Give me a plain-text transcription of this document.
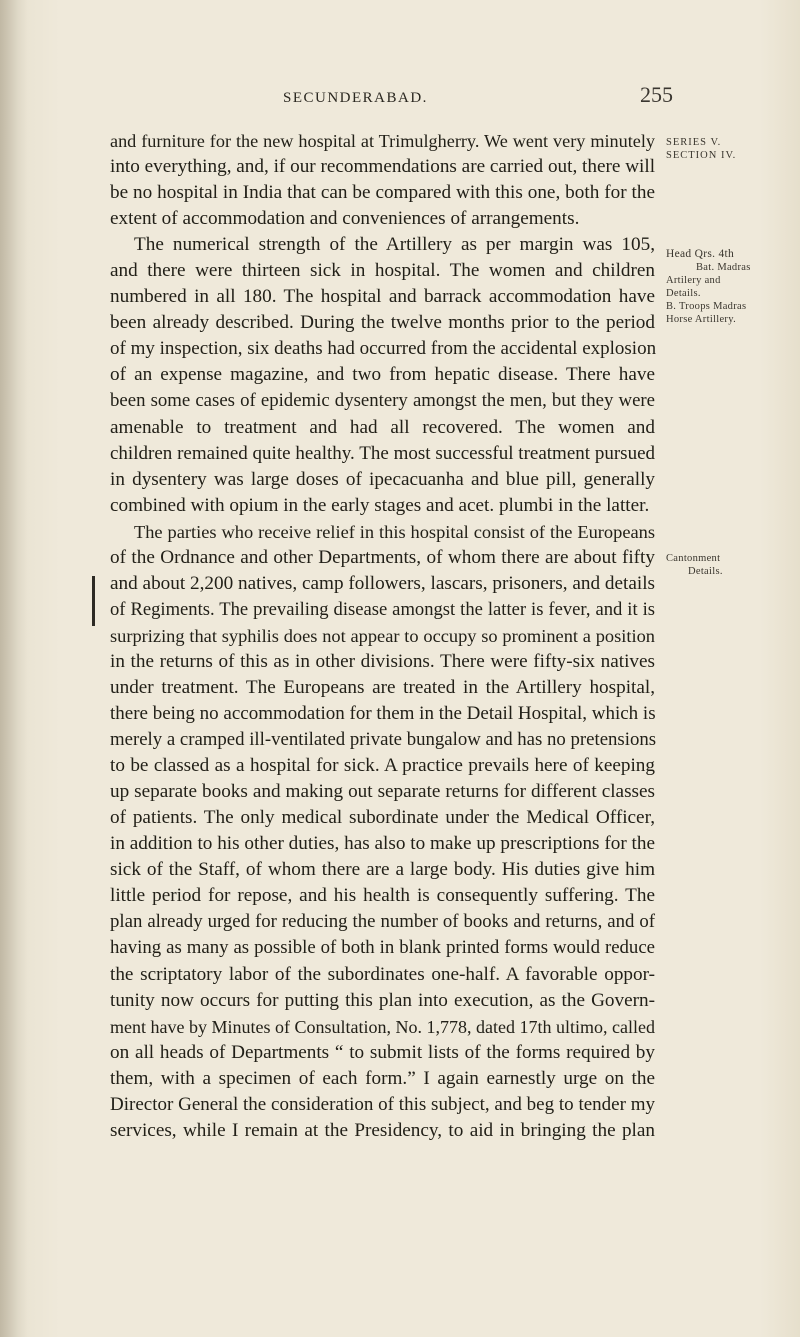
SECUNDERABAD.	255
and furniture for the new hospital at Trimulgherry. We went very minutely
into everything, and, if our recommendations are carried out, there will
be no hospital in India that can be compared with this one, both for the
extent of accommodation and conveniences of arrangements.
The numerical strength of the Artillery as per margin was 105,
and there were thirteen sick in hospital. The women and children
numbered in all 180. The hospital and barrack accommodation have
been already described. During the twelve months prior to the period
of my inspection, six deaths had occurred from the accidental explosion
of an expense magazine, and two from hepatic disease. There have
been some cases of epidemic dysentery amongst the men, but they were
amenable to treatment and had all recovered. The women and
children remained quite healthy. The most successful treatment pursued
in dysentery was large doses of ipecacuanha and blue pill, generally
combined with opium in the early stages and acet. plumbi in the latter.
The parties who receive relief in this hospital consist of the Europeans
of the Ordnance and other Departments, of whom there are about fifty
and about 2,200 natives, camp followers, lascars, prisoners, and details
of Regiments. The prevailing disease amongst the latter is fever, and it is
surprizing that syphilis does not appear to occupy so prominent a position
in the returns of this as in other divisions. There were fifty-six natives
under treatment. The Europeans are treated in the Artillery hospital,
there being no accommodation for them in the Detail Hospital, which is
merely a cramped ill-ventilated private bungalow and has no pretensions
to be classed as a hospital for sick. A practice prevails here of keeping
up separate books and making out separate returns for different classes
of patients. The only medical subordinate under the Medical Officer,
in addition to his other duties, has also to make up prescriptions for the
sick of the Staff, of whom there are a large body. His duties give him
little period for repose, and his health is consequently suffering. The
plan already urged for reducing the number of books and returns, and of
having as many as possible of both in blank printed forms would reduce
the scriptatory labor of the subordinates one-half. A favorable oppor-
tunity now occurs for putting this plan into execution, as the Govern-
ment have by Minutes of Consultation, No. 1,778, dated 17th ultimo, called
on all heads of Departments “ to submit lists of the forms required by
them, with a specimen of each form.” I again earnestly urge on the
Director General the consideration of this subject, and beg to tender my
services, while I remain at the Presidency, to aid in bringing the plan
SERIES V.
SECTION IV.
Head Qrs. 4th
Bat. Madras
Artilery and
Details.
B. Troops Madras
Horse Artillery.
Cantonment
Details.
